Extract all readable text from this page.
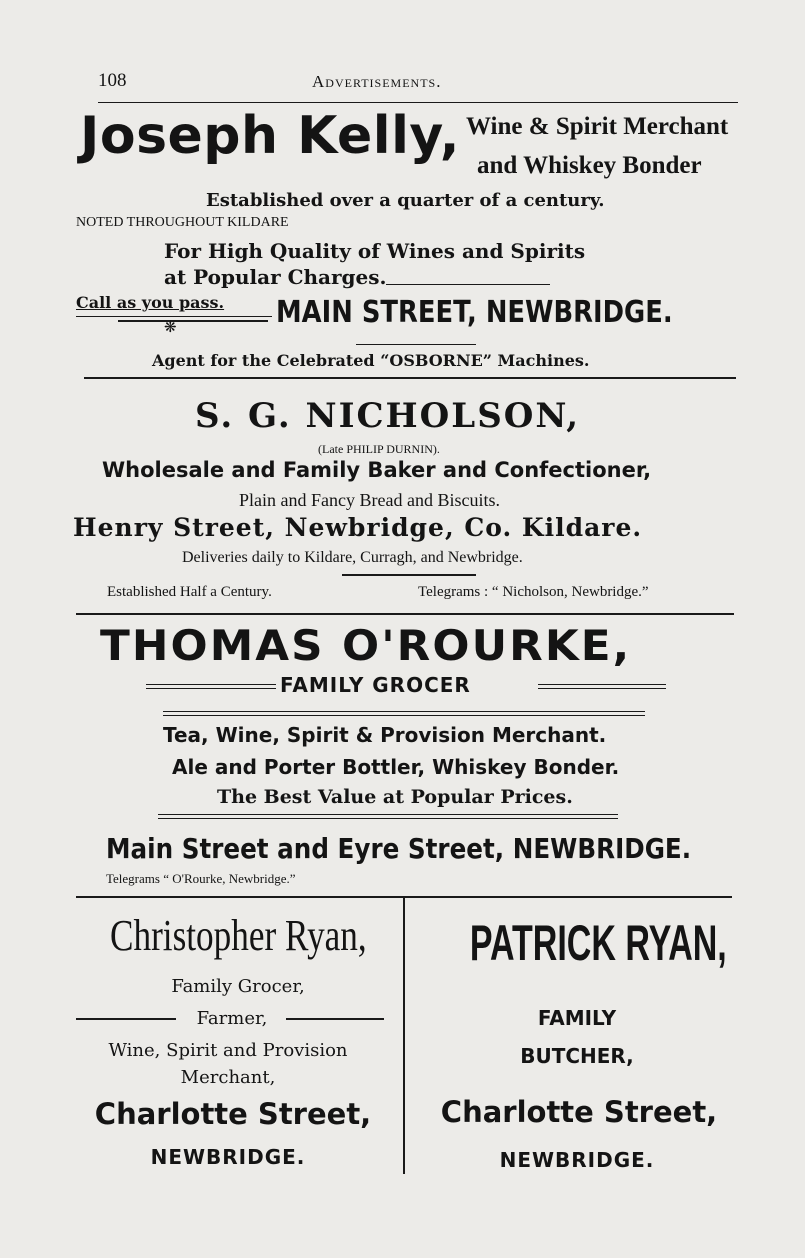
108	Advertisements.
Joseph Kelly, Wine & Spirit Merchant
and Whiskey Bonder
Established over a quarter of a century.
NOTED THROUGHOUT KILDARE
For High Quality of Wines and Spirits
at Popular Charges.
Call as you pass. MAIN STREET, NEWBRIDGE.
❋
Agent for the Celebrated “OSBORNE” Machines.
S. G. NICHOLSON,
(Late PHILIP DURNIN).
Wholesale and Family Baker and Confectioner,
Plain and Fancy Bread and Biscuits.
Henry Street, Newbridge, Co. Kildare.
Deliveries daily to Kildare, Curragh, and Newbridge.
Established Half a Century.	Telegrams : “ Nicholson, Newbridge.”
THOMAS O'ROURKE,
FAMILY GROCER
Tea, Wine, Spirit & Provision Merchant.
Ale and Porter Bottler, Whiskey Bonder.
The Best Value at Popular Prices.
Main Street and Eyre Street, NEWBRIDGE.
Telegrams “ O'Rourke, Newbridge.”
Christopher Ryan,
Family Grocer,
Farmer,
Wine, Spirit and Provision
Merchant,
Charlotte Street,
NEWBRIDGE.
PATRICK RYAN,
FAMILY
BUTCHER,
Charlotte Street,
NEWBRIDGE.
